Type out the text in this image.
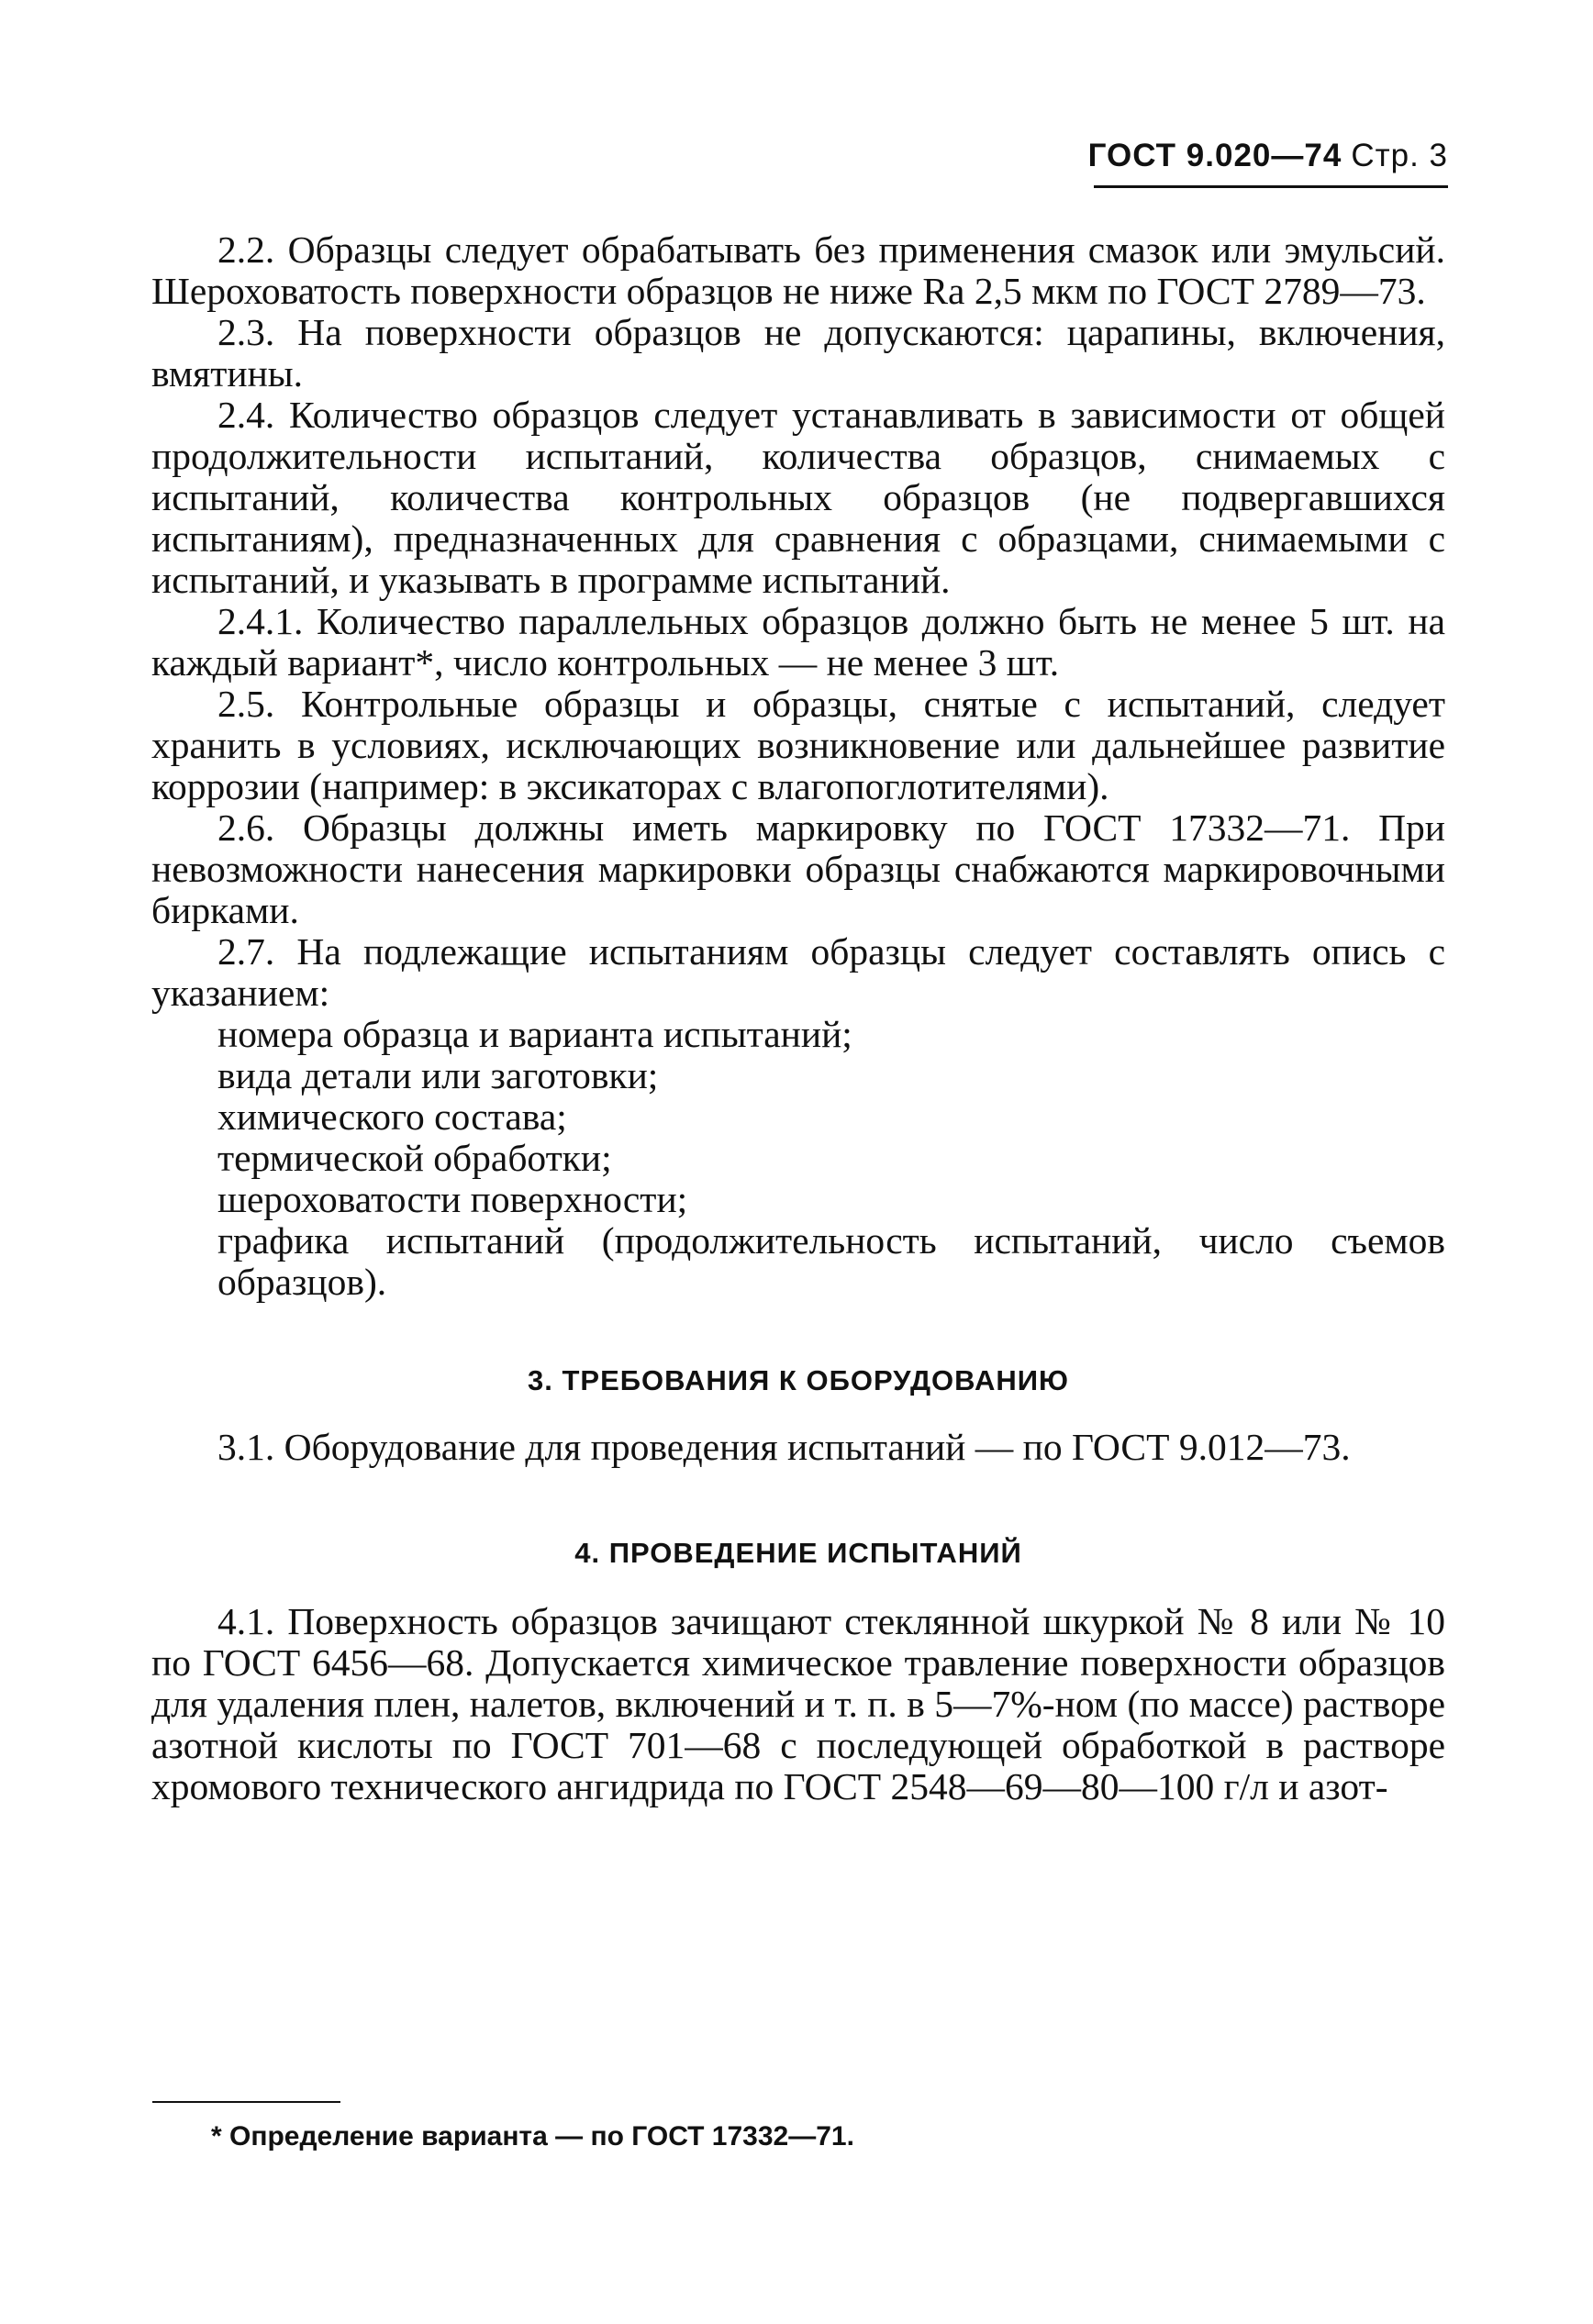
ГОСТ 9.020—74 Стр. 3

2.2. Образцы следует обрабатывать без применения смазок или эмульсий. Шероховатость поверхности образцов не ниже Ra 2,5 мкм по ГОСТ 2789—73.

2.3. На поверхности образцов не допускаются: царапины, включения, вмятины.

2.4. Количество образцов следует устанавливать в зависимости от общей продолжительности испытаний, количества образцов, снимаемых с испытаний, количества контрольных образцов (не подвергавшихся испытаниям), предназначенных для сравнения с образцами, снимаемыми с испытаний, и указывать в программе испытаний.

2.4.1. Количество параллельных образцов должно быть не менее 5 шт. на каждый вариант*, число контрольных — не менее 3 шт.

2.5. Контрольные образцы и образцы, снятые с испытаний, следует хранить в условиях, исключающих возникновение или дальнейшее развитие коррозии (например: в эксикаторах с влагопоглотителями).

2.6. Образцы должны иметь маркировку по ГОСТ 17332—71. При невозможности нанесения маркировки образцы снабжаются маркировочными бирками.

2.7. На подлежащие испытаниям образцы следует составлять опись с указанием:

номера образца и варианта испытаний;

вида детали или заготовки;

химического состава;

термической обработки;

шероховатости поверхности;

графика испытаний (продолжительность испытаний, число съемов образцов).

3. ТРЕБОВАНИЯ К ОБОРУДОВАНИЮ

3.1. Оборудование для проведения испытаний — по ГОСТ 9.012—73.

4. ПРОВЕДЕНИЕ ИСПЫТАНИЙ

4.1. Поверхность образцов зачищают стеклянной шкуркой № 8 или № 10 по ГОСТ 6456—68. Допускается химическое травление поверхности образцов для удаления плен, налетов, включений и т. п. в 5—7%-ном (по массе) растворе азотной кислоты по ГОСТ 701—68 с последующей обработкой в растворе хромового технического ангидрида по ГОСТ 2548—69—80—100 г/л и азот-

* Определение варианта — по ГОСТ 17332—71.
